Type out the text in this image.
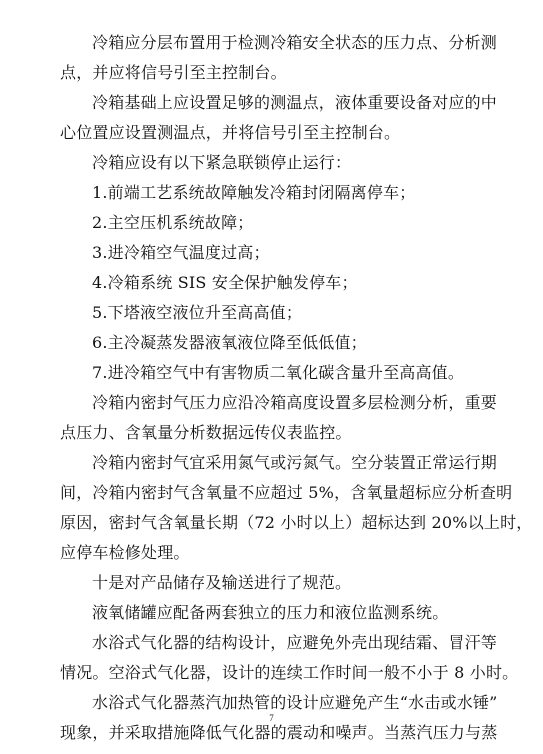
冷箱应分层布置用于检测冷箱安全状态的压力点、分析测
点，并应将信号引至主控制台。
冷箱基础上应设置足够的测温点，液体重要设备对应的中
心位置应设置测温点，并将信号引至主控制台。
冷箱应设有以下紧急联锁停止运行：
1.前端工艺系统故障触发冷箱封闭隔离停车；
2.主空压机系统故障；
3.进冷箱空气温度过高；
4.冷箱系统 SIS 安全保护触发停车；
5.下塔液空液位升至高高值；
6.主冷凝蒸发器液氧液位降至低低值；
7.进冷箱空气中有害物质二氧化碳含量升至高高值。
冷箱内密封气压力应沿冷箱高度设置多层检测分析，重要
点压力、含氧量分析数据远传仪表监控。
冷箱内密封气宜采用氮气或污氮气。空分装置正常运行期
间，冷箱内密封气含氧量不应超过 5%，含氧量超标应分析查明
原因，密封气含氧量长期（72 小时以上）超标达到 20%以上时，
应停车检修处理。
十是对产品储存及输送进行了规范。
液氧储罐应配备两套独立的压力和液位监测系统。
水浴式气化器的结构设计，应避免外壳出现结霜、冒汗等
情况。空浴式气化器，设计的连续工作时间一般不小于 8 小时。
水浴式气化器蒸汽加热管的设计应避免产生“水击或水锤”
现象，并采取措施降低气化器的震动和噪声。当蒸汽压力与蒸
7
